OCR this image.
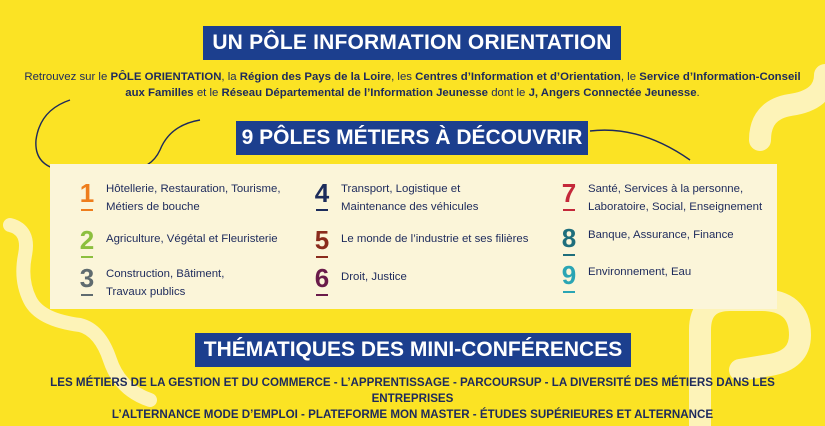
UN PÔLE INFORMATION ORIENTATION

Retrouvez sur le PÔLE ORIENTATION, la Région des Pays de la Loire, les Centres d’Information et d’Orientation, le Service d’Information-Conseil aux Familles et le Réseau Départemental de l’Information Jeunesse dont le J, Angers Connectée Jeunesse.

9 PÔLES MÉTIERS À DÉCOUVRIR
1	Hôtellerie, Restauration, Tourisme,
Métiers de bouche
2	Agriculture, Végétal et Fleuristerie
3	Construction, Bâtiment,
Travaux publics
4	Transport, Logistique et
Maintenance des véhicules
5	Le monde de l’industrie et ses filières
6	Droit, Justice
7	Santé, Services à la personne,
Laboratoire, Social, Enseignement
8	Banque, Assurance, Finance
9	Environnement, Eau
THÉMATIQUES DES MINI-CONFÉRENCES
LES MÉTIERS DE LA GESTION ET DU COMMERCE - L’APPRENTISSAGE - PARCOURSUP - LA DIVERSITÉ DES MÉTIERS DANS LES ENTREPRISES
L’ALTERNANCE MODE D’EMPLOI - PLATEFORME MON MASTER - ÉTUDES SUPÉRIEURES ET ALTERNANCE
